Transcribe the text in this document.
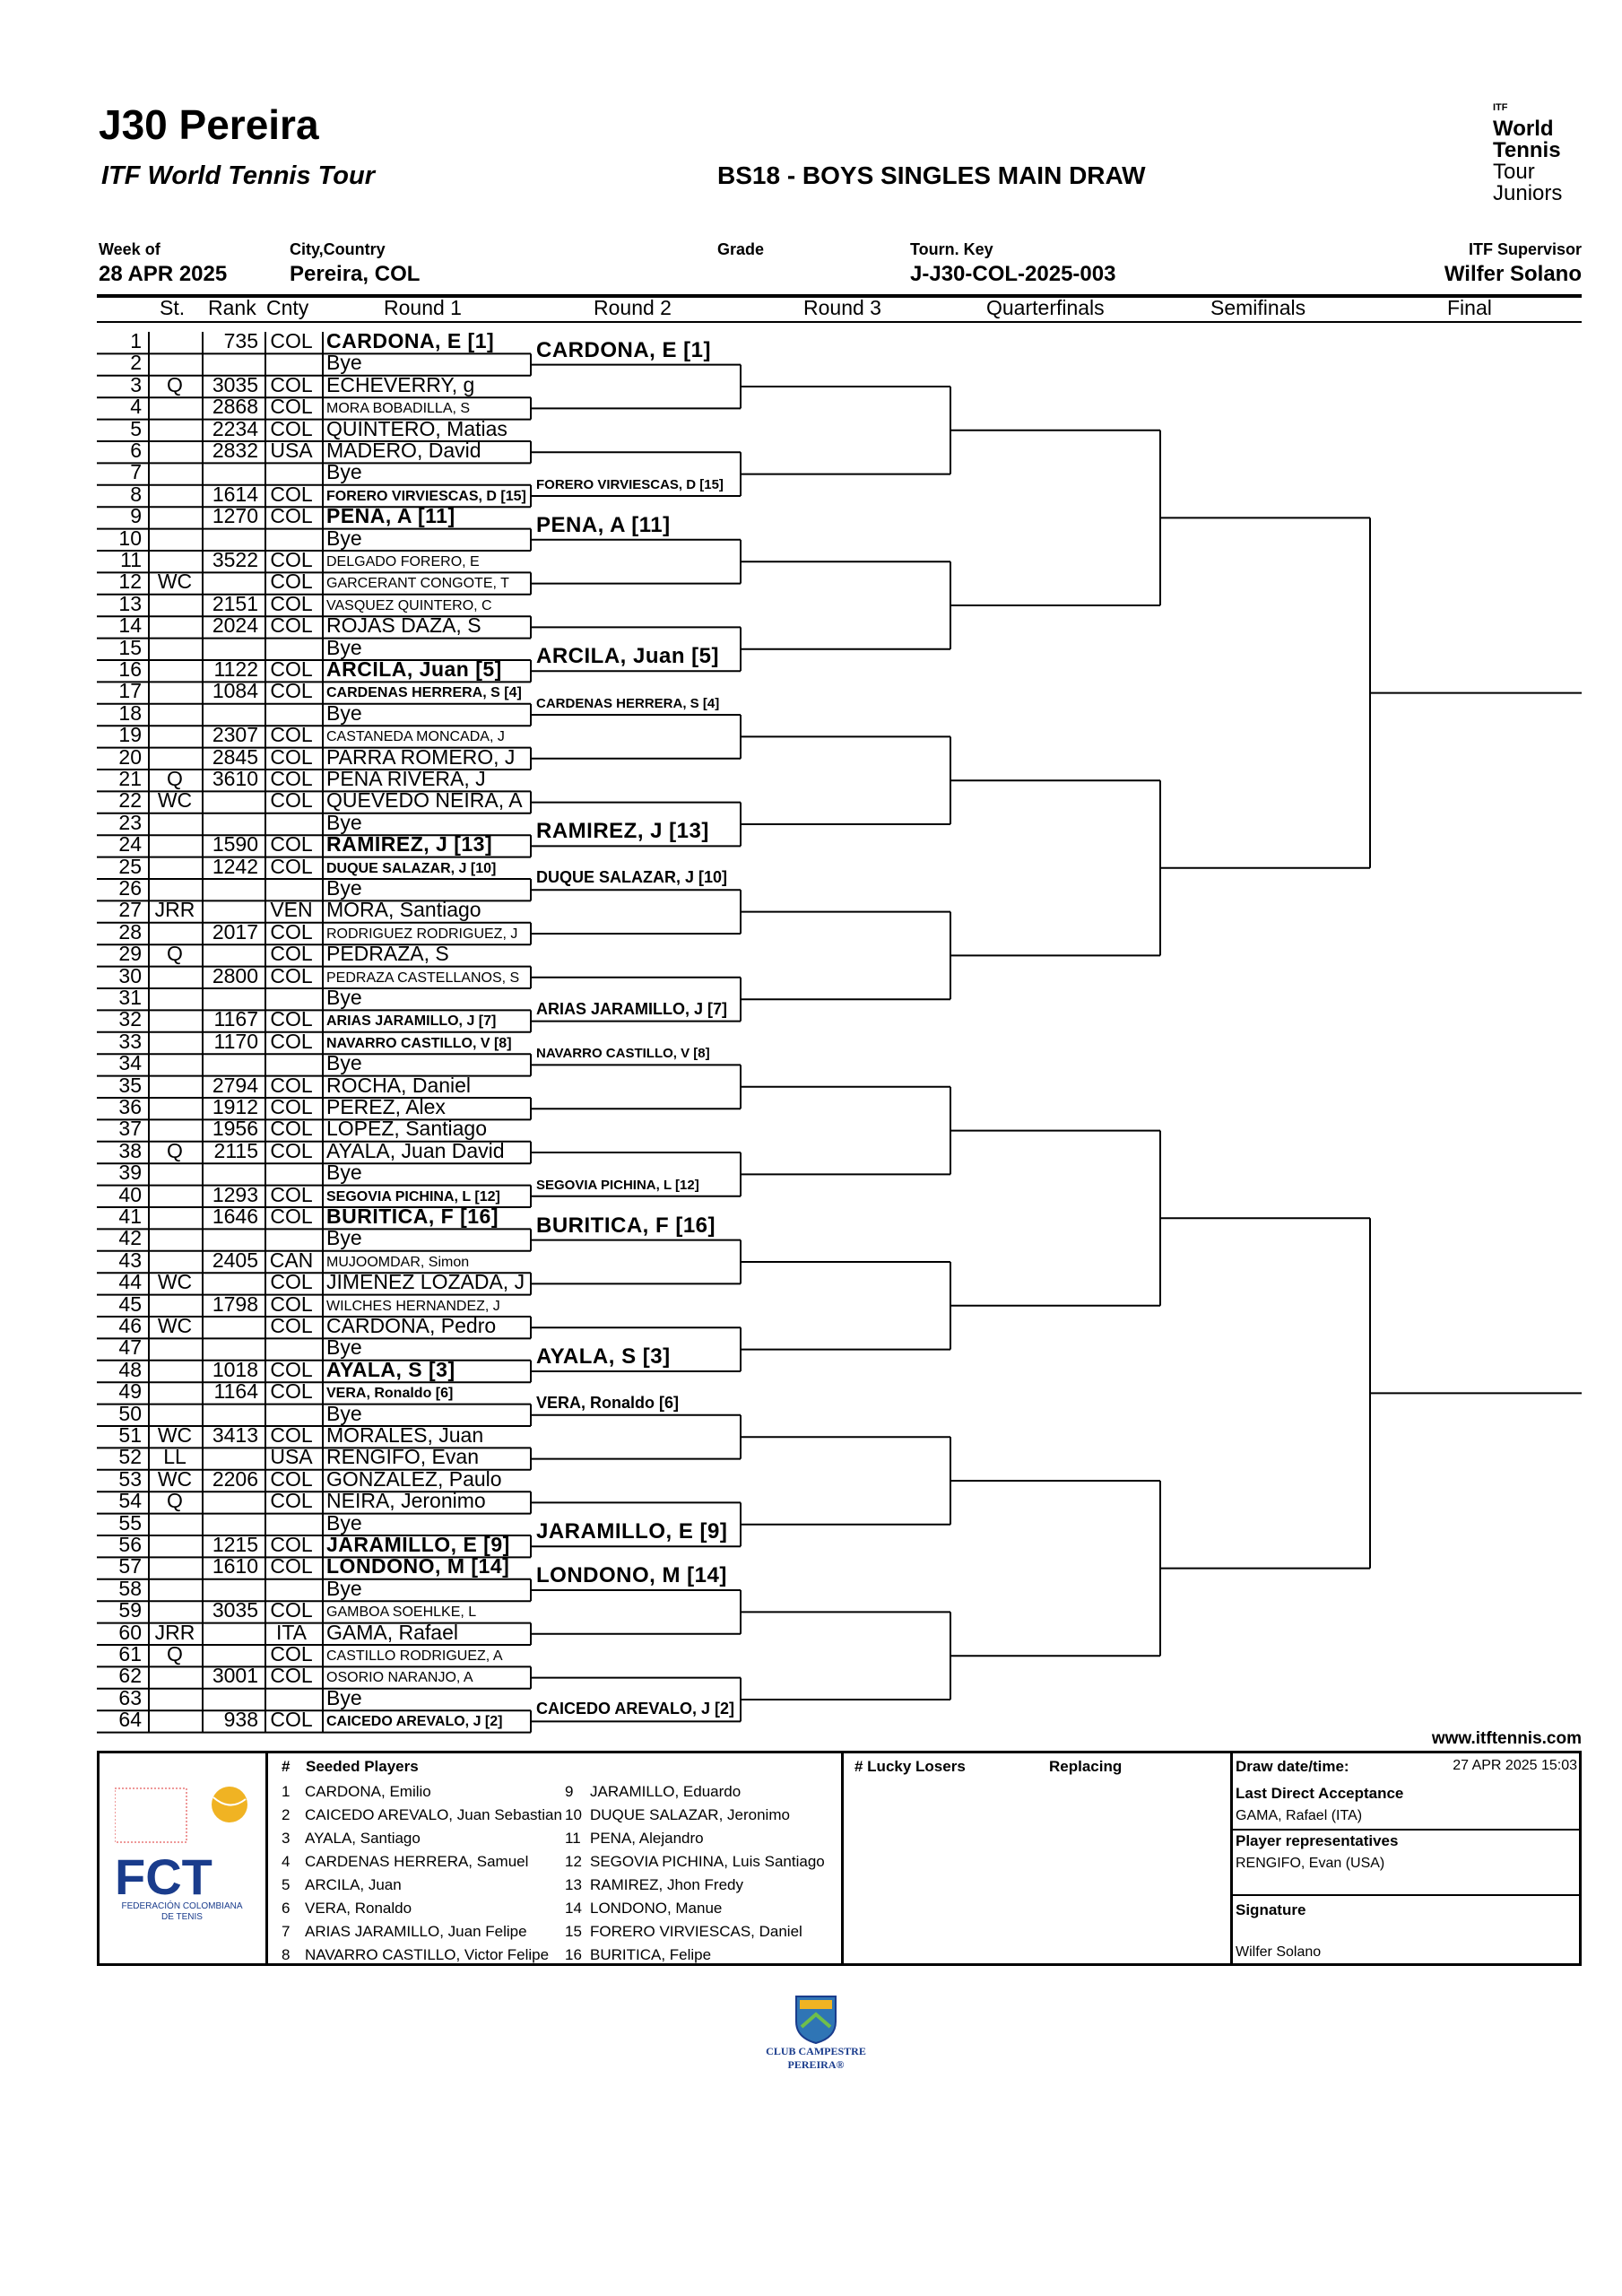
J30 Pereira
ITF World Tennis Tour	BS18 - BOYS SINGLES MAIN DRAW
ITF
World
Tennis
Tour
Juniors
Week of
28 APR 2025
City,Country
Pereira, COL
Grade	Tourn. Key
J-J30-COL-2025-003
ITF Supervisor
Wilfer Solano
St. Rank Cnty	Round 1	Round 2	Round 3	Quarterfinals	Semifinals	Final
1	735 COL CARDONA, E [1]
2	Bye
3	Q	3035 COL ECHEVERRY, g
4	2868 COL MORA BOBADILLA, S
5	2234 COL QUINTERO, Matias
6	2832 USA MADERO, David
7	Bye
8	1614 COL FORERO VIRVIESCAS, D [15]
9	1270 COL PENA, A [11]
10	Bye
11	3522 COL DELGADO FORERO, E
12 WC	COL GARCERANT CONGOTE, T
13	2151 COL VASQUEZ QUINTERO, C
14	2024 COL ROJAS DAZA, S
15	Bye
16	1122 COL ARCILA, Juan [5]
17	1084 COL CARDENAS HERRERA, S [4]
18	Bye
19	2307 COL CASTANEDA MONCADA, J
20	2845 COL PARRA ROMERO, J
21	Q	3610 COL PENA RIVERA, J
22 WC	COL QUEVEDO NEIRA, A
23	Bye
24	1590 COL RAMIREZ, J [13]
25	1242 COL DUQUE SALAZAR, J [10]
26	Bye
27 JRR	VEN MORA, Santiago
28	2017 COL RODRIGUEZ RODRIGUEZ, J
29	Q	COL PEDRAZA, S
30	2800 COL PEDRAZA CASTELLANOS, S
31	Bye
32	1167 COL ARIAS JARAMILLO, J [7]
33	1170 COL NAVARRO CASTILLO, V [8]
34	Bye
35	2794 COL ROCHA, Daniel
36	1912 COL PEREZ, Alex
37	1956 COL LOPEZ, Santiago
38	Q	2115 COL AYALA, Juan David
39	Bye
40	1293 COL SEGOVIA PICHINA, L [12]
41	1646 COL BURITICA, F [16]
42	Bye
43	2405 CAN MUJOOMDAR, Simon
44 WC	COL JIMENEZ LOZADA, J
45	1798 COL WILCHES HERNANDEZ, J
46 WC	COL CARDONA, Pedro
47	Bye
48	1018 COL AYALA, S [3]
49	1164 COL VERA, Ronaldo [6]
50	Bye
51 WC 3413 COL MORALES, Juan
52	LL	USA RENGIFO, Evan
53 WC 2206 COL GONZALEZ, Paulo
54	Q	COL NEIRA, Jeronimo
55	Bye
56	1215 COL JARAMILLO, E [9]
57	1610 COL LONDONO, M [14]
58	Bye
59	3035 COL GAMBOA SOEHLKE, L
60 JRR	ITA GAMA, Rafael
61	Q	COL CASTILLO RODRIGUEZ, A
62	3001 COL OSORIO NARANJO, A
63	Bye
64	938 COL CAICEDO AREVALO, J [2]
CARDONA, E [1]
FORERO VIRVIESCAS, D [15]
PENA, A [11]
ARCILA, Juan [5]
CARDENAS HERRERA, S [4]
RAMIREZ, J [13]
DUQUE SALAZAR, J [10]
ARIAS JARAMILLO, J [7]
NAVARRO CASTILLO, V [8]
SEGOVIA PICHINA, L [12]
BURITICA, F [16]
AYALA, S [3]
VERA, Ronaldo [6]
JARAMILLO, E [9]
LONDONO, M [14]
CAICEDO AREVALO, J [2]
www.itftennis.com
FCT
FEDERACIÓN COLOMBIANA
DE TENIS
# Seeded Players
1 CARDONA, Emilio
2 CAICEDO AREVALO, Juan Sebastian
3 AYALA, Santiago
4 CARDENAS HERRERA, Samuel
5 ARCILA, Juan
6 VERA, Ronaldo
7 ARIAS JARAMILLO, Juan Felipe
8 NAVARRO CASTILLO, Victor Felipe
9 JARAMILLO, Eduardo
10 DUQUE SALAZAR, Jeronimo
11 PENA, Alejandro
12 SEGOVIA PICHINA, Luis Santiago
13 RAMIREZ, Jhon Fredy
14 LONDONO, Manue
15 FORERO VIRVIESCAS, Daniel
16 BURITICA, Felipe
# Lucky Losers	Replacing	Draw date/time:	27 APR 2025 15:03
Last Direct Acceptance
GAMA, Rafael (ITA)
Player representatives
RENGIFO, Evan (USA)
Signature
Wilfer Solano
CLUB CAMPESTRE
PEREIRA®
